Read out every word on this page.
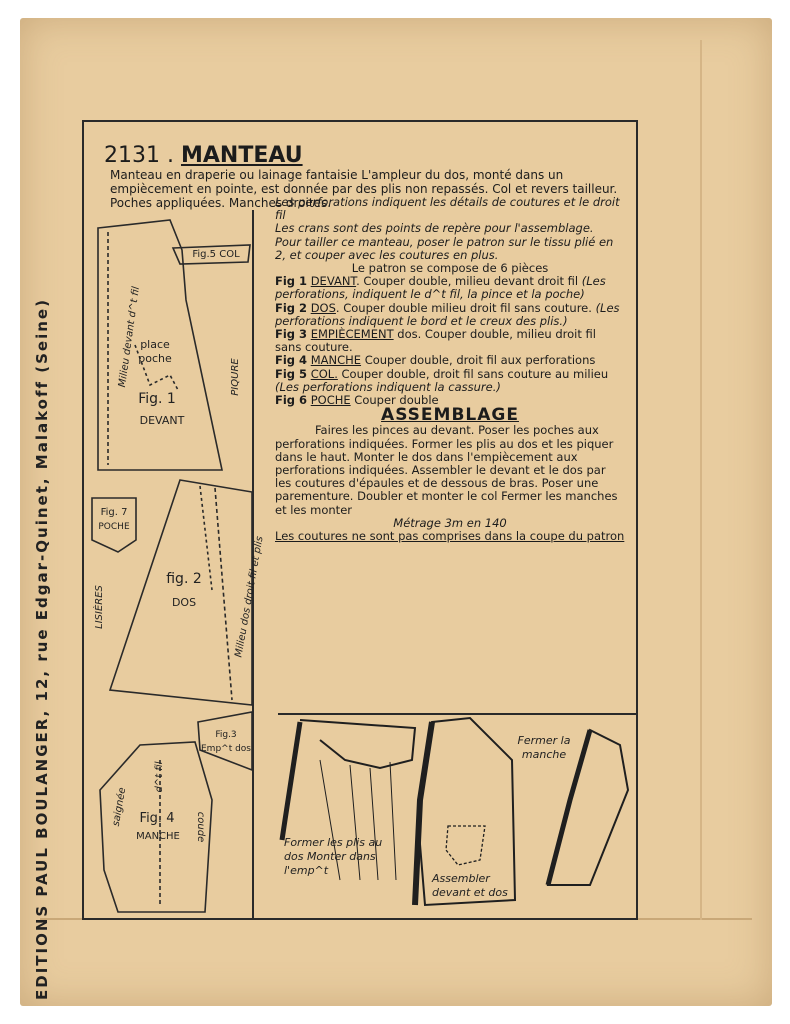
EDITIONS PAUL BOULANGER, 12, rue Edgar-Quinet, Malakoff (Seine)
2131 . MANTEAU
Manteau en draperie ou lainage fantaisie L'ampleur du dos, monté dans un empiècement en pointe, est donnée par des plis non repassés. Col et revers tailleur. Poches appliquées. Manches droites.

Les perforations indiquent les détails de coutures et le droit fil

Les crans sont des points de repère pour l'assemblage.

Pour tailler ce manteau, poser le patron sur le tissu plié en 2, et couper avec les coutures en plus.

Le patron se compose de 6 pièces

Fig 1 DEVANT. Couper double, milieu devant droit fil (Les perforations, indiquent le d^t fil, la pince et la poche)

Fig 2 DOS. Couper double milieu droit fil sans couture. (Les perforations indiquent le bord et le creux des plis.)

Fig 3 EMPIÈCEMENT dos. Couper double, milieu droit fil sans couture.

Fig 4 MANCHE Couper double, droit fil aux perforations

Fig 5 COL. Couper double, droit fil sans couture au milieu (Les perforations indiquent la cassure.)

Fig 6 POCHE Couper double

ASSEMBLAGE

Faires les pinces au devant. Poser les poches aux perforations indiquées. Former les plis au dos et les piquer dans le haut. Monter le dos dans l'empiècement aux perforations indiquées. Assembler le devant et le dos par les coutures d'épaules et de dessous de bras. Poser une parementure. Doubler et monter le col Fermer les manches et les monter

Métrage 3m en 140

Les coutures ne sont pas comprises dans la coupe du patron

place poche
Fig. 1
DEVANT
Fig.5 COL
fig. 2
DOS
Fig. 7
POCHE
Fig.3 Emp^t dos
Fig. 4
MANCHE
PIQURE
LISIÈRES	Milieu dos droit fil et plis
Milieu devant d^t fil
saignée	coude
d^t fil
Former les plis au dos Monter dans l'emp^t
Assembler devant et dos
Fermer la manche
